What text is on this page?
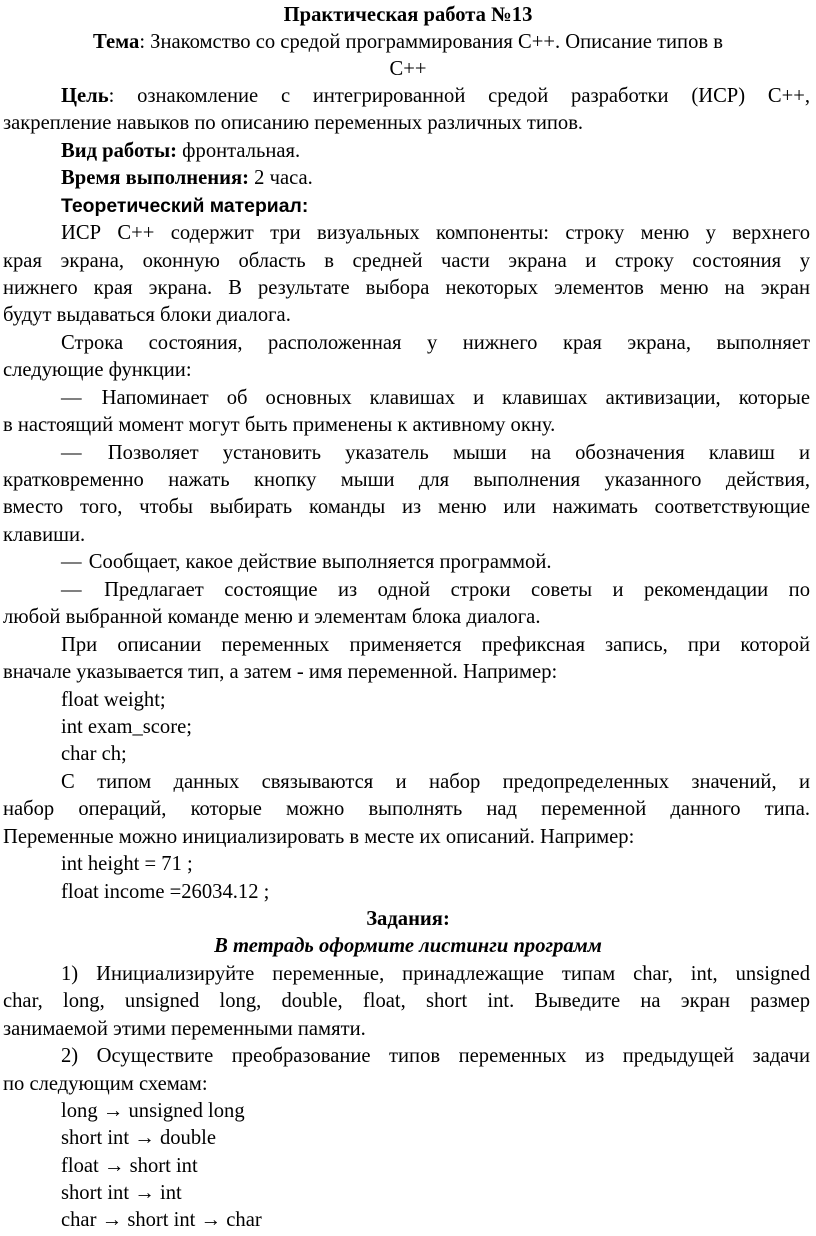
Практическая работа №13
Тема: Знакомство со средой программирования С++. Описание типов в
С++
Цель: ознакомление с интегрированной средой разработки (ИСР) С++,
закрепление навыков по описанию переменных различных типов.
Вид работы: фронтальная.
Время выполнения: 2 часа.
Теоретический материал:
ИСР С++ содержит три визуальных компоненты: строку меню у верхнего
края экрана, оконную область в средней части экрана и строку состояния у
нижнего края экрана. В результате выбора некоторых элементов меню на экран
будут выдаваться блоки диалога.
Строка состояния, расположенная у нижнего края экрана, выполняет
следующие функции:
— Напоминает об основных клавишах и клавишах активизации, которые
в настоящий момент могут быть применены к активному окну.
— Позволяет установить указатель мыши на обозначения клавиш и
кратковременно нажать кнопку мыши для выполнения указанного действия,
вместо того, чтобы выбирать команды из меню или нажимать соответствующие
клавиши.
— Сообщает, какое действие выполняется программой.
— Предлагает состоящие из одной строки советы и рекомендации по
любой выбранной команде меню и элементам блока диалога.
При описании переменных применяется префиксная запись, при которой
вначале указывается тип, а затем - имя переменной. Например:
float weight;
int exam_score;
char ch;
С типом данных связываются и набор предопределенных значений, и
набор операций, которые можно выполнять над переменной данного типа.
Переменные можно инициализировать в месте их описаний. Например:
int height = 71 ;
float income =26034.12 ;
Задания:
В тетрадь оформите листинги программ
1) Инициализируйте переменные, принадлежащие типам char, int, unsigned
char, long, unsigned long, double, float, short int. Выведите на экран размер
занимаемой этими переменными памяти.
2) Осуществите преобразование типов переменных из предыдущей задачи
по следующим схемам:
long → unsigned long
short int → double
float → short int
short int → int
char → short int → char
